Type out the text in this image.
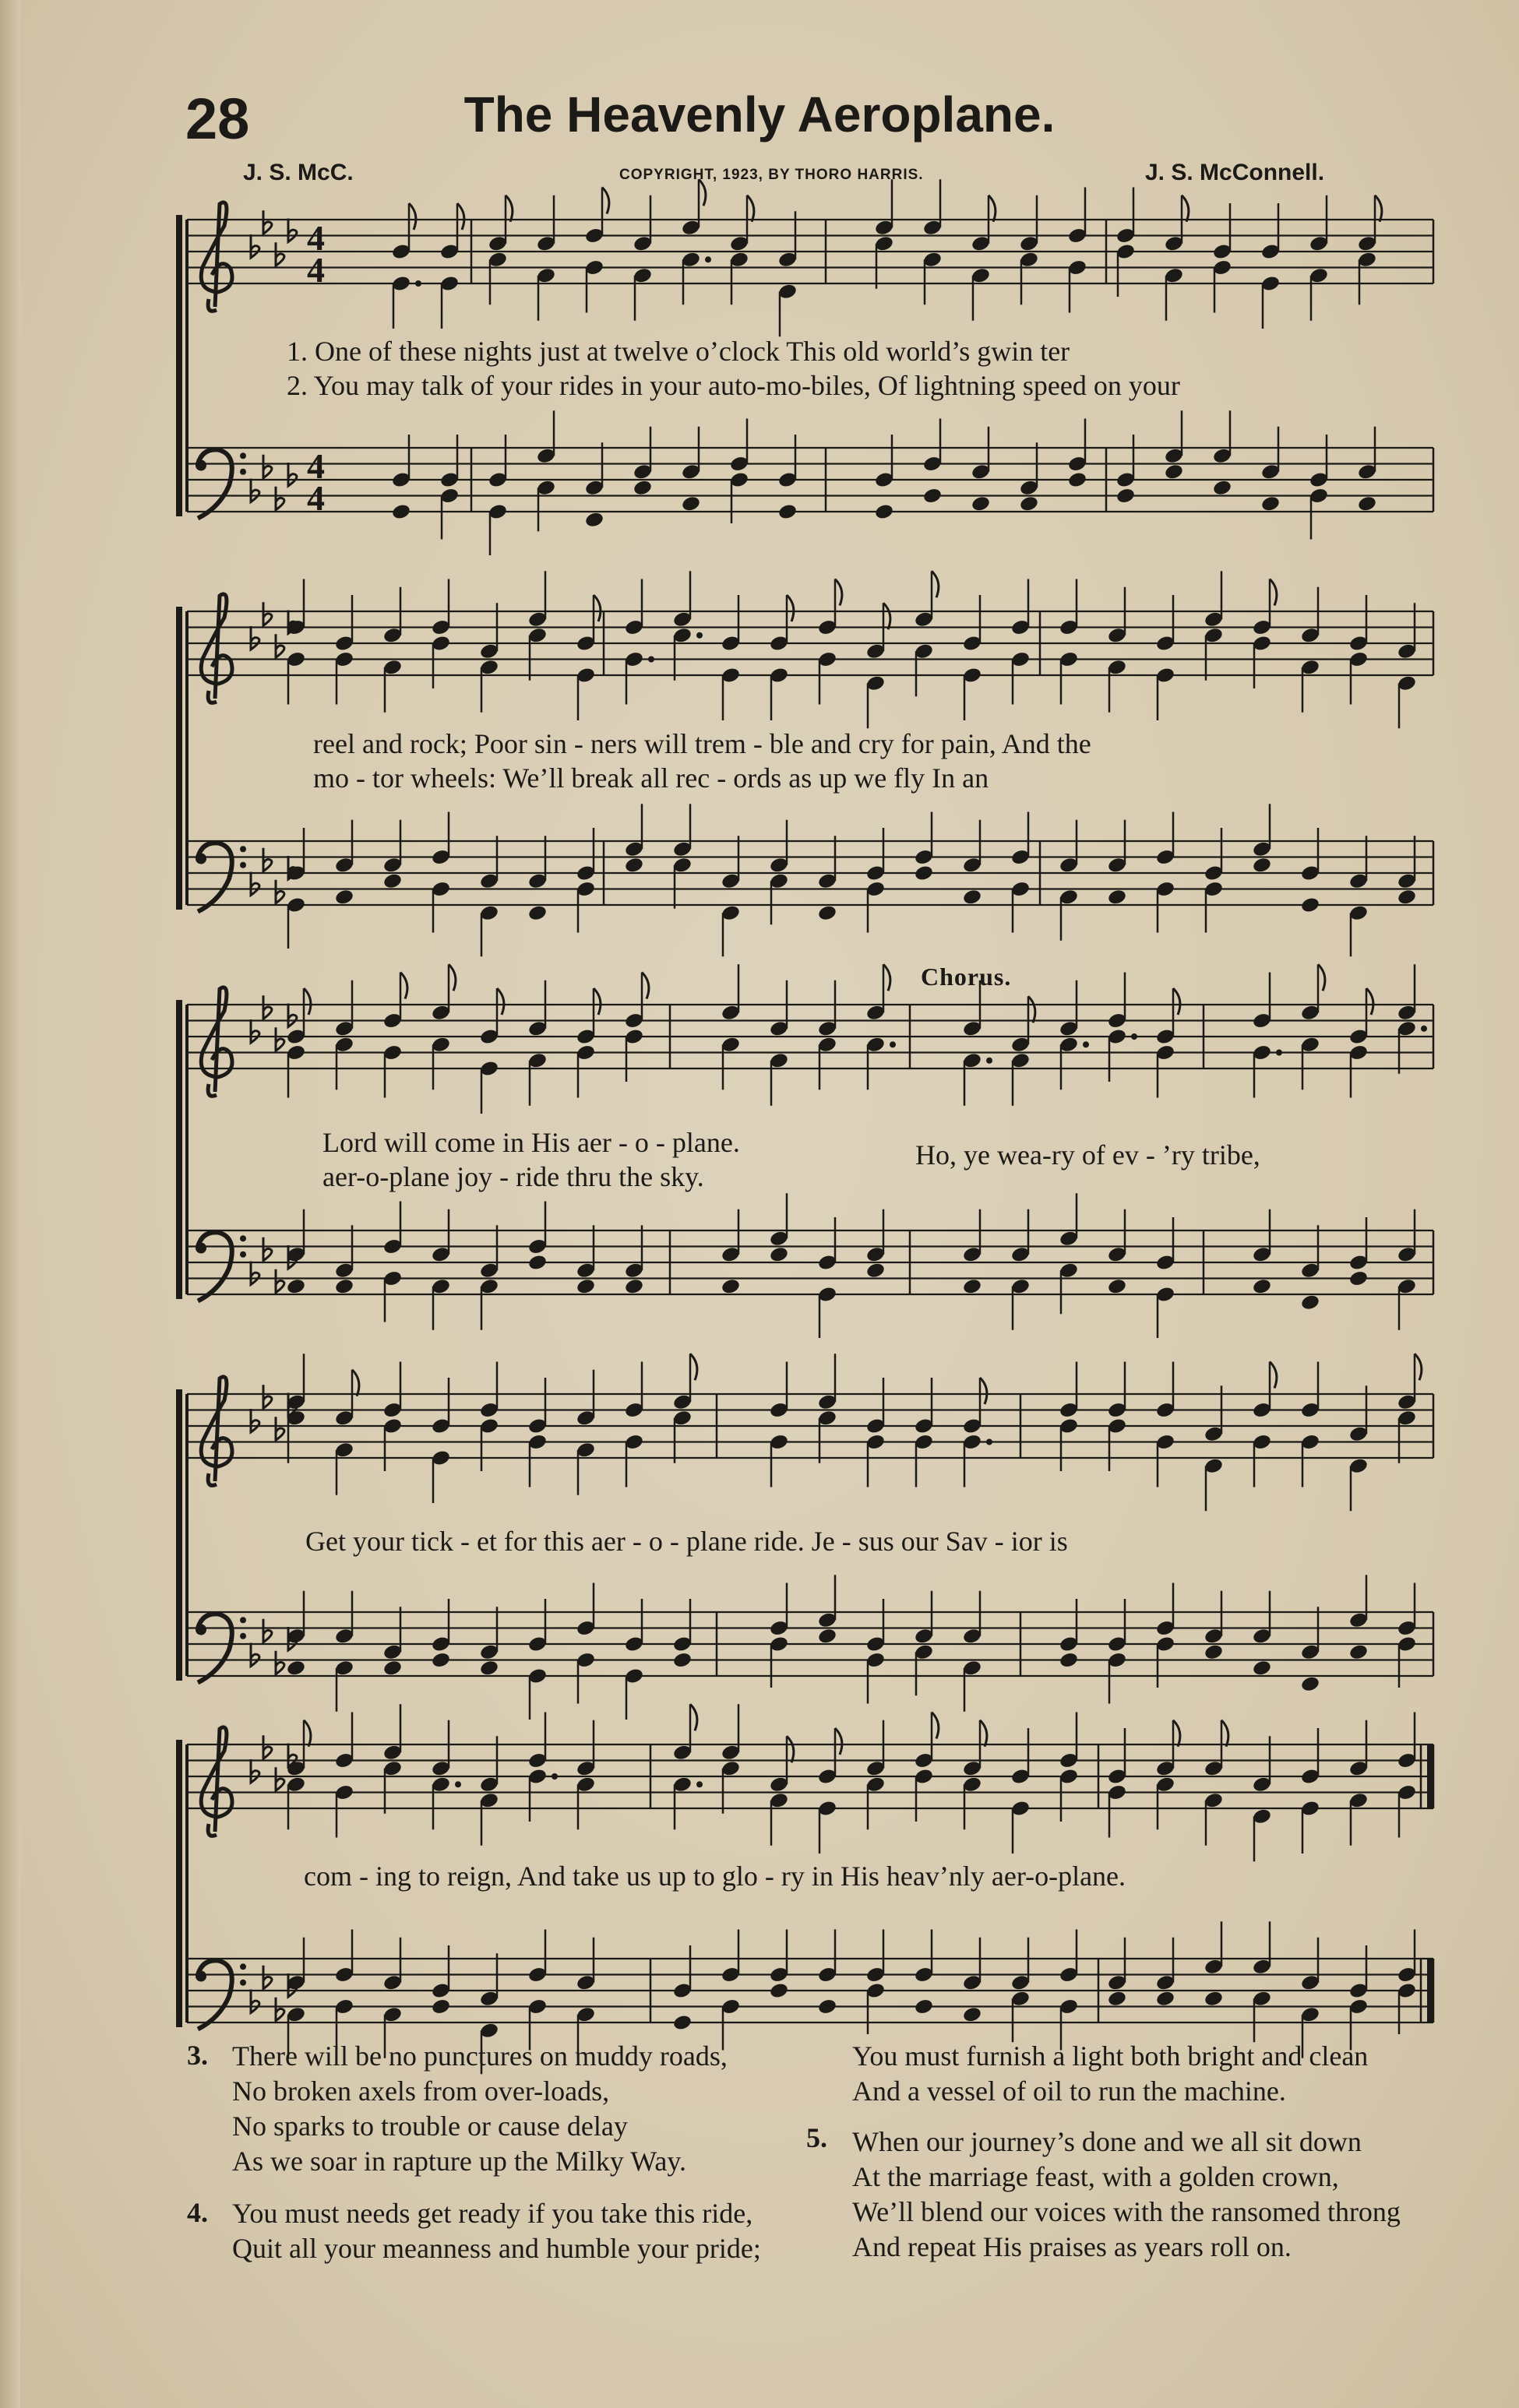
28	The Heavenly Aeroplane.
J. S. McC.	COPYRIGHT, 1923, BY THORO HARRIS.	J. S. McConnell.
4
4
4
4
1. One of these nights just at twelve o’clock This old world’s gwin ter
2. You may talk of your rides in your auto-mo-biles, Of lightning speed on your
reel and rock; Poor sin - ners will trem - ble and cry for pain, And the
mo - tor wheels: We’ll break all rec - ords as up we fly In an
Chorus.
Lord will come in His aer - o - plane.
aer-o-plane joy - ride thru the sky.
Ho, ye wea-ry of ev - ’ry tribe,
Get your tick - et for this aer - o - plane ride. Je - sus our Sav - ior is
com - ing to reign, And take us up to glo - ry in His heav’nly aer-o-plane.
3. There will be no punctures on muddy roads,
No broken axels from over-loads,
No sparks to trouble or cause delay
As we soar in rapture up the Milky Way.
4. You must needs get ready if you take this ride,
Quit all your meanness and humble your pride;
You must furnish a light both bright and clean
And a vessel of oil to run the machine.
5. When our journey’s done and we all sit down
At the marriage feast, with a golden crown,
We’ll blend our voices with the ransomed throng
And repeat His praises as years roll on.
